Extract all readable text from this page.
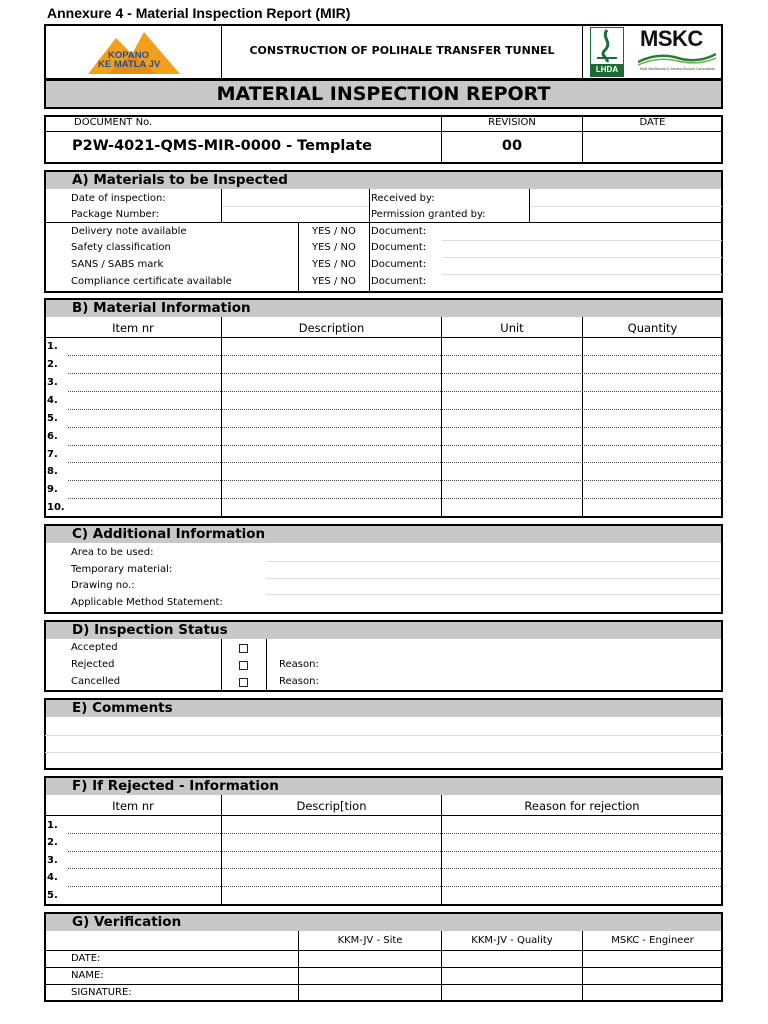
Annexure 4 - Material Inspection Report (MIR)
KOPANO
KE MATLA JV
CONSTRUCTION OF POLIHALE TRANSFER TUNNEL
LHDA
MSKC
Mott MacDonald & Seneca-Khulule Consultants
MATERIAL INSPECTION REPORT
DOCUMENT No.	REVISION	DATE
P2W-4021-QMS-MIR-0000 - Template	00
A) Materials to be Inspected
Date of inspection:
Package Number:
Received by:
Permission granted by:
Delivery note available	YES / NO Document:
Safety classification	YES / NO Document:
SANS / SABS mark	YES / NO Document:
Compliance certificate available	YES / NO Document:
B) Material Information
Item nr	Description	Unit	Quantity
1.
2.
3.
4.
5.
6.
7.
8.
9.
10.
C) Additional Information
Area to be used:
Temporary material:
Drawing no.:
Applicable Method Statement:
D) Inspection Status
Accepted
Rejected
Cancelled
Reason:
Reason:
E) Comments
F) If Rejected - Information
Item nr	Descrip[tion	Reason for rejection
1.
2.
3.
4.
5.
G) Verification
KKM-JV - Site	KKM-JV - Quality	MSKC - Engineer
DATE:
NAME:
SIGNATURE:
